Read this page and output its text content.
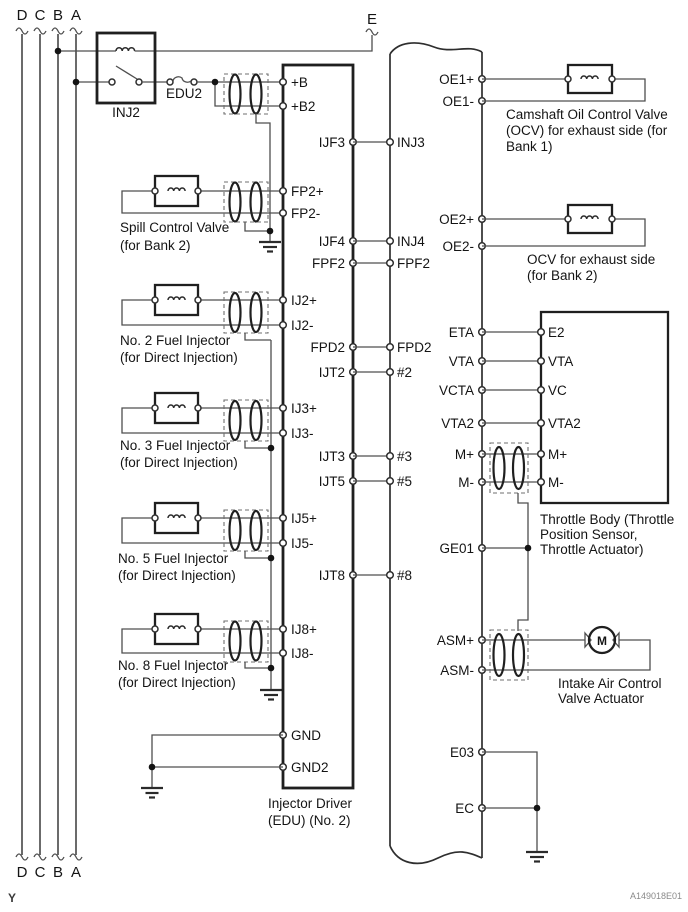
D C B A
D C B A
E
INJ2
EDU2
Spill Control Valve
(for Bank 2)
No. 2 Fuel Injector
(for Direct Injection)
No. 3 Fuel Injector
(for Direct Injection)
No. 5 Fuel Injector
(for Direct Injection)
No. 8 Fuel Injector
(for Direct Injection)
+B
+B2
FP2+
FP2-
IJ2+
IJ2-
IJ3+
IJ3-
IJ5+
IJ5-
IJ8+
IJ8-
GND
GND2
IJF3
IJF4
FPF2
FPD2
IJT2
IJT3
IJT5
IJT8
Injector Driver
(EDU) (No. 2)
INJ3
INJ4
FPF2
FPD2
#2
#3
#5
#8
OE1+
OE1-
OE2+
OE2-
ETA
VTA
VCTA
VTA2
M+
M-
GE01
ASM+
ASM-
E03
EC
Camshaft Oil Control Valve
(OCV) for exhaust side (for
Bank 1)
OCV for exhaust side
(for Bank 2)
E2
VTA
VC
VTA2
M+
M-
Throttle Body (Throttle
Position Sensor,
Throttle Actuator)
M
Intake Air Control
Valve Actuator
Y	A149018E01
